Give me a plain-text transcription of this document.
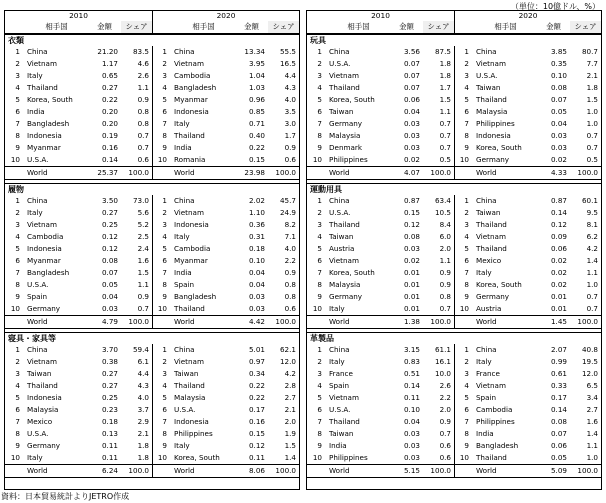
（単位：10億ドル、%）
2010	2020
相手国	金額	シェア	相手国	金額	シェア
衣類
1 China	21.20	83.5	1 China	13.34	55.5
2 Vietnam	1.17	4.6	2 Vietnam	3.95	16.5
3 Italy	0.65	2.6	3 Cambodia	1.04	4.4
4 Thailand	0.27	1.1	4 Bangladesh	1.03	4.3
5 Korea, South	0.22	0.9	5 Myanmar	0.96	4.0
6 India	0.20	0.8	6 Indonesia	0.85	3.5
7 Bangladesh	0.20	0.8	7 Italy	0.71	3.0
8 Indonesia	0.19	0.7	8 Thailand	0.40	1.7
9 Myanmar	0.16	0.7	9 India	0.22	0.9
10 U.S.A.	0.14	0.6	10 Romania	0.15	0.6
World	25.37	100.0	World	23.98	100.0
履物
1 China	3.50	73.0	1 China	2.02	45.7
2 Italy	0.27	5.6	2 Vietnam	1.10	24.9
3 Vietnam	0.25	5.2	3 Indonesia	0.36	8.2
4 Cambodia	0.12	2.5	4 Italy	0.31	7.1
5 Indonesia	0.12	2.4	5 Cambodia	0.18	4.0
6 Myanmar	0.08	1.6	6 Myanmar	0.10	2.2
7 Bangladesh	0.07	1.5	7 India	0.04	0.9
8 U.S.A.	0.05	1.1	8 Spain	0.04	0.8
9 Spain	0.04	0.9	9 Bangladesh	0.03	0.8
10 Germany	0.03	0.7	10 Thailand	0.03	0.6
World	4.79	100.0	World	4.42	100.0
寝具・家具等
1 China	3.70	59.4	1 China	5.01	62.1
2 Vietnam	0.38	6.1	2 Vietnam	0.97	12.0
3 Taiwan	0.27	4.4	3 Taiwan	0.34	4.2
4 Thailand	0.27	4.3	4 Thailand	0.22	2.8
5 Indonesia	0.25	4.0	5 Malaysia	0.22	2.7
6 Malaysia	0.23	3.7	6 U.S.A.	0.17	2.1
7 Mexico	0.18	2.9	7 Indonesia	0.16	2.0
8 U.S.A.	0.13	2.1	8 Philippines	0.15	1.9
9 Germany	0.11	1.8	9 Italy	0.12	1.5
10 Italy	0.11	1.8	10 Korea, South	0.11	1.4
World	6.24	100.0	World	8.06	100.0
2010	2020
相手国	金額	シェア	相手国	金額	シェア
玩具
1 China	3.56	87.5	1 China	3.85	80.7
2 U.S.A.	0.07	1.8	2 Vietnam	0.35	7.7
3 Vietnam	0.07	1.8	3 U.S.A.	0.10	2.1
4 Thailand	0.07	1.7	4 Taiwan	0.08	1.8
5 Korea, South	0.06	1.5	5 Thailand	0.07	1.5
6 Taiwan	0.04	1.1	6 Malaysia	0.05	1.0
7 Germany	0.03	0.7	7 Philippines	0.04	1.0
8 Malaysia	0.03	0.7	8 Indonesia	0.03	0.7
9 Denmark	0.03	0.7	9 Korea, South	0.03	0.7
10 Philippines	0.02	0.5	10 Germany	0.02	0.5
World	4.07	100.0	World	4.33	100.0
運動用具
1 China	0.87	63.4	1 China	0.87	60.1
2 U.S.A.	0.15	10.5	2 Taiwan	0.14	9.5
3 Thailand	0.12	8.4	3 Thailand	0.12	8.1
4 Taiwan	0.08	6.0	4 Vietnam	0.09	6.2
5 Austria	0.03	2.0	5 Thailand	0.06	4.2
6 Vietnam	0.02	1.1	6 Mexico	0.02	1.4
7 Korea, South	0.01	0.9	7 Italy	0.02	1.1
8 Malaysia	0.01	0.9	8 Korea, South	0.02	1.0
9 Germany	0.01	0.8	9 Germany	0.01	0.7
10 Italy	0.01	0.7	10 Austria	0.01	0.7
World	1.38	100.0	World	1.45	100.0
革製品
1 China	3.15	61.1	1 China	2.07	40.8
2 Italy	0.83	16.1	2 Italy	0.99	19.5
3 France	0.51	10.0	3 France	0.61	12.0
4 Spain	0.14	2.6	4 Vietnam	0.33	6.5
5 Vietnam	0.11	2.2	5 Spain	0.17	3.4
6 U.S.A.	0.10	2.0	6 Cambodia	0.14	2.7
7 Thailand	0.04	0.9	7 Philippines	0.08	1.6
8 Taiwan	0.03	0.7	8 India	0.07	1.4
9 India	0.03	0.6	9 Bangladesh	0.06	1.1
10 Philippines	0.03	0.6	10 Thailand	0.05	1.0
World	5.15	100.0	World	5.09	100.0
資料：日本貿易統計よりJETRO作成
